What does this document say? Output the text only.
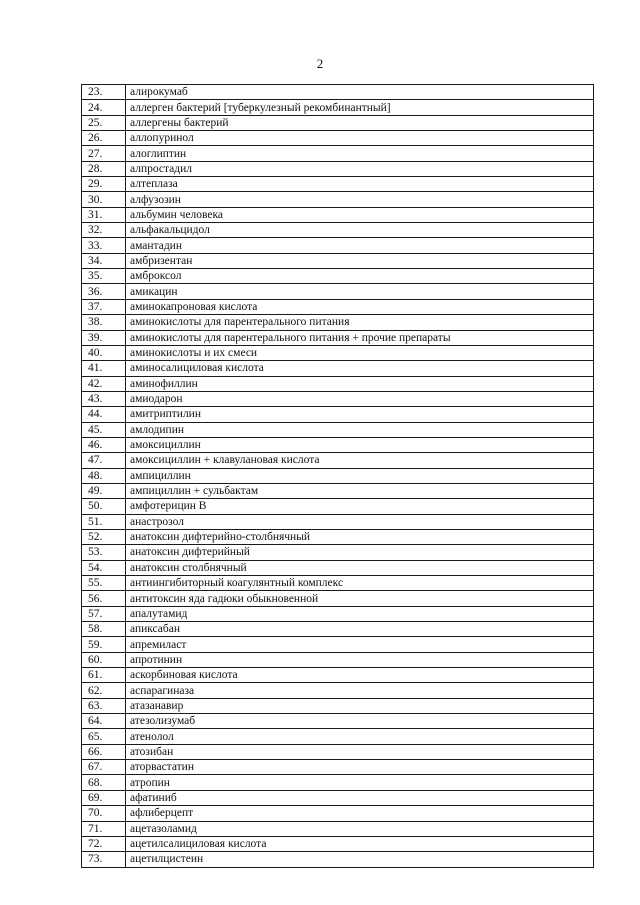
2
23.	алирокумаб
24.	аллерген бактерий [туберкулезный рекомбинантный]
25.	аллергены бактерий
26.	аллопуринол
27.	алоглиптин
28.	алпростадил
29.	алтеплаза
30.	алфузозин
31.	альбумин человека
32.	альфакальцидол
33.	амантадин
34.	амбризентан
35.	амброксол
36.	амикацин
37.	аминокапроновая кислота
38.	аминокислоты для парентерального питания
39.	аминокислоты для парентерального питания + прочие препараты
40.	аминокислоты и их смеси
41.	аминосалициловая кислота
42.	аминофиллин
43.	амиодарон
44.	амитриптилин
45.	амлодипин
46.	амоксициллин
47.	амоксициллин + клавулановая кислота
48.	ампициллин
49.	ампициллин + сульбактам
50.	амфотерицин В
51.	анастрозол
52.	анатоксин дифтерийно-столбнячный
53.	анатоксин дифтерийный
54.	анатоксин столбнячный
55.	антиингибиторный коагулянтный комплекс
56.	антитоксин яда гадюки обыкновенной
57.	апалутамид
58.	апиксабан
59.	апремиласт
60.	апротинин
61.	аскорбиновая кислота
62.	аспарагиназа
63.	атазанавир
64.	атезолизумаб
65.	атенолол
66.	атозибан
67.	аторвастатин
68.	атропин
69.	афатиниб
70.	афлиберцепт
71.	ацетазоламид
72.	ацетилсалициловая кислота
73.	ацетилцистеин
